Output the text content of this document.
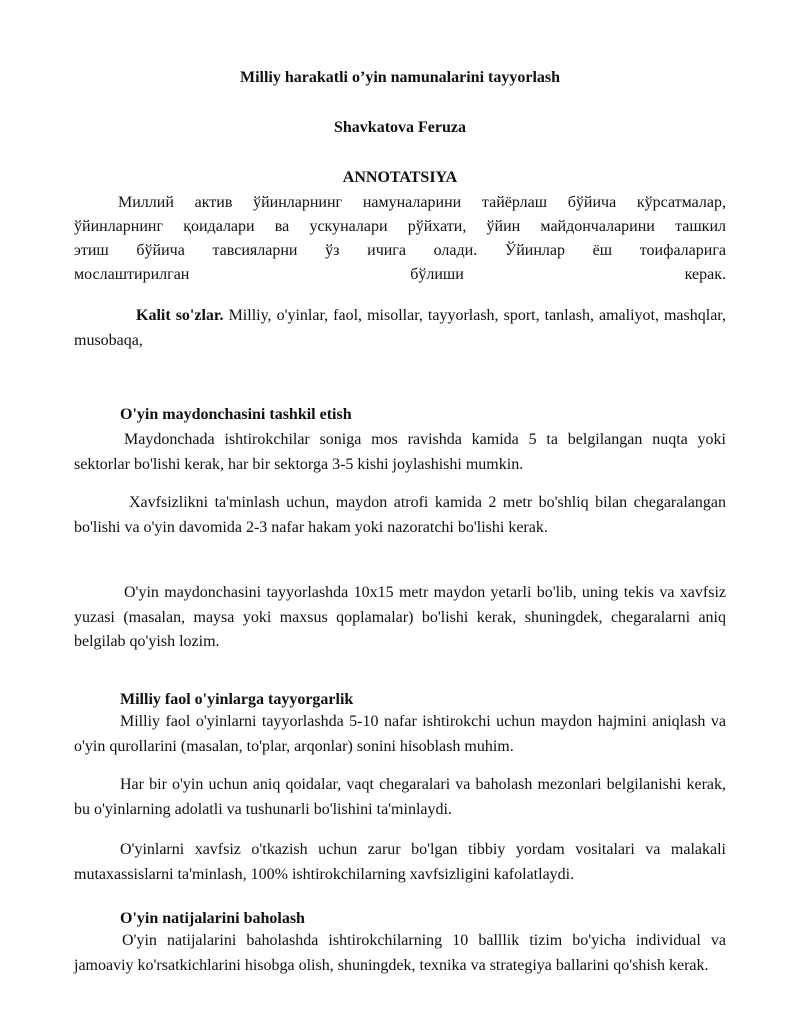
Milliy harakatli o’yin namunalarini tayyorlash
Shavkatova Feruza
ANNOTATSIYA
Миллий актив ўйинларнинг намуналарини тайёрлаш бўйича кўрсатмалар,
ўйинларнинг қоидалари ва ускуналари рўйхати, ўйин майдончаларини ташкил
этиш бўйича тавсияларни ўз ичига олади. Ўйинлар ёш тоифаларига
мослаштирилган бўлиши керак.
Kalit so'zlar. Milliy, o'yinlar, faol, misollar, tayyorlash, sport, tanlash, amaliyot, mashqlar, musobaqa,
O'yin maydonchasini tashkil etish
Maydonchada ishtirokchilar soniga mos ravishda kamida 5 ta belgilangan nuqta yoki sektorlar bo'lishi kerak, har bir sektorga 3-5 kishi joylashishi mumkin.
Xavfsizlikni ta'minlash uchun, maydon atrofi kamida 2 metr bo'shliq bilan chegaralangan bo'lishi va o'yin davomida 2-3 nafar hakam yoki nazoratchi bo'lishi kerak.
O'yin maydonchasini tayyorlashda 10x15 metr maydon yetarli bo'lib, uning tekis va xavfsiz yuzasi (masalan, maysa yoki maxsus qoplamalar) bo'lishi kerak, shuningdek, chegaralarni aniq belgilab qo'yish lozim.
Milliy faol o'yinlarga tayyorgarlik
Milliy faol o'yinlarni tayyorlashda 5-10 nafar ishtirokchi uchun maydon hajmini aniqlash va o'yin qurollarini (masalan, to'plar, arqonlar) sonini hisoblash muhim.
Har bir o'yin uchun aniq qoidalar, vaqt chegaralari va baholash mezonlari belgilanishi kerak, bu o'yinlarning adolatli va tushunarli bo'lishini ta'minlaydi.
O'yinlarni xavfsiz o'tkazish uchun zarur bo'lgan tibbiy yordam vositalari va malakali mutaxassislarni ta'minlash, 100% ishtirokchilarning xavfsizligini kafolatlaydi.
O'yin natijalarini baholash
O'yin natijalarini baholashda ishtirokchilarning 10 balllik tizim bo'yicha individual va jamoaviy ko'rsatkichlarini hisobga olish, shuningdek, texnika va strategiya ballarini qo'shish kerak.
